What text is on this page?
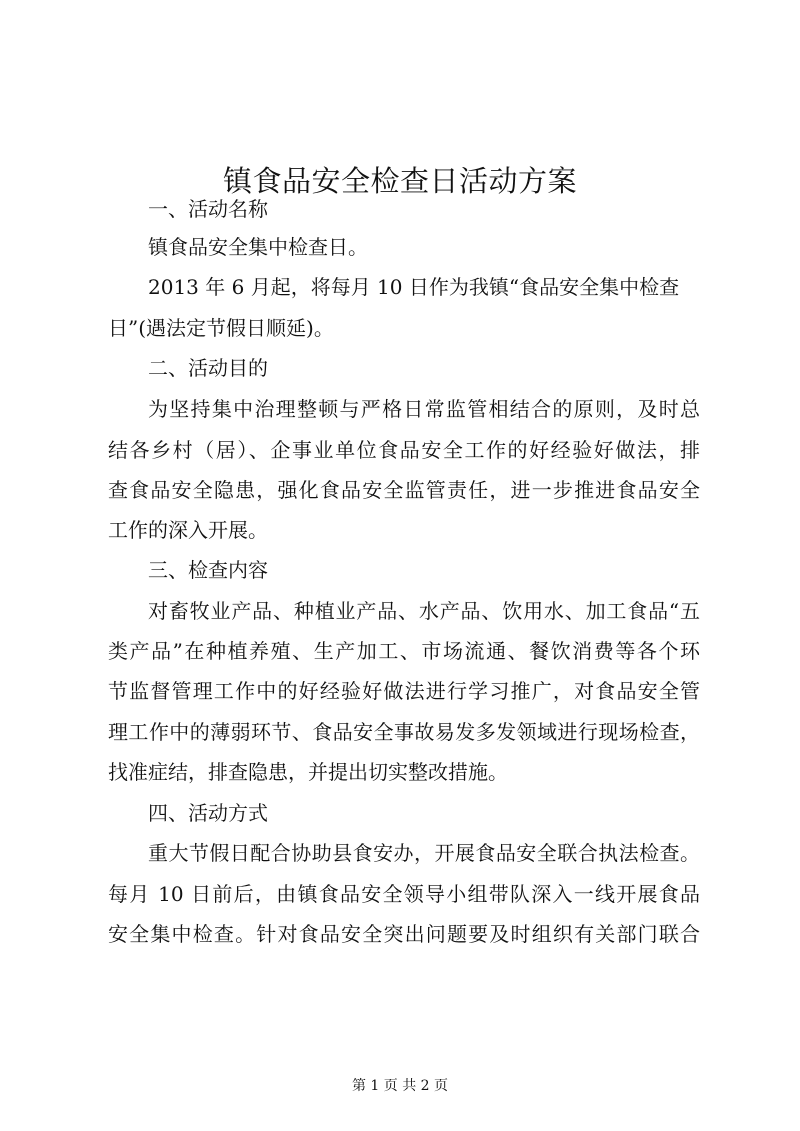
镇食品安全检查日活动方案
一、活动名称
镇食品安全集中检查日。
2013 年 6 月起，将每月 10 日作为我镇“食品安全集中检查
日”(遇法定节假日顺延)。
二、活动目的
为坚持集中治理整顿与严格日常监管相结合的原则，及时总
结各乡村（居）、企事业单位食品安全工作的好经验好做法，排
查食品安全隐患，强化食品安全监管责任，进一步推进食品安全
工作的深入开展。
三、检查内容
对畜牧业产品、种植业产品、水产品、饮用水、加工食品“五
类产品”在种植养殖、生产加工、市场流通、餐饮消费等各个环
节监督管理工作中的好经验好做法进行学习推广，对食品安全管
理工作中的薄弱环节、食品安全事故易发多发领域进行现场检查，
找准症结，排查隐患，并提出切实整改措施。
四、活动方式
重大节假日配合协助县食安办，开展食品安全联合执法检查。
每月 10 日前后，由镇食品安全领导小组带队深入一线开展食品
安全集中检查。针对食品安全突出问题要及时组织有关部门联合
第 1 页 共 2 页
